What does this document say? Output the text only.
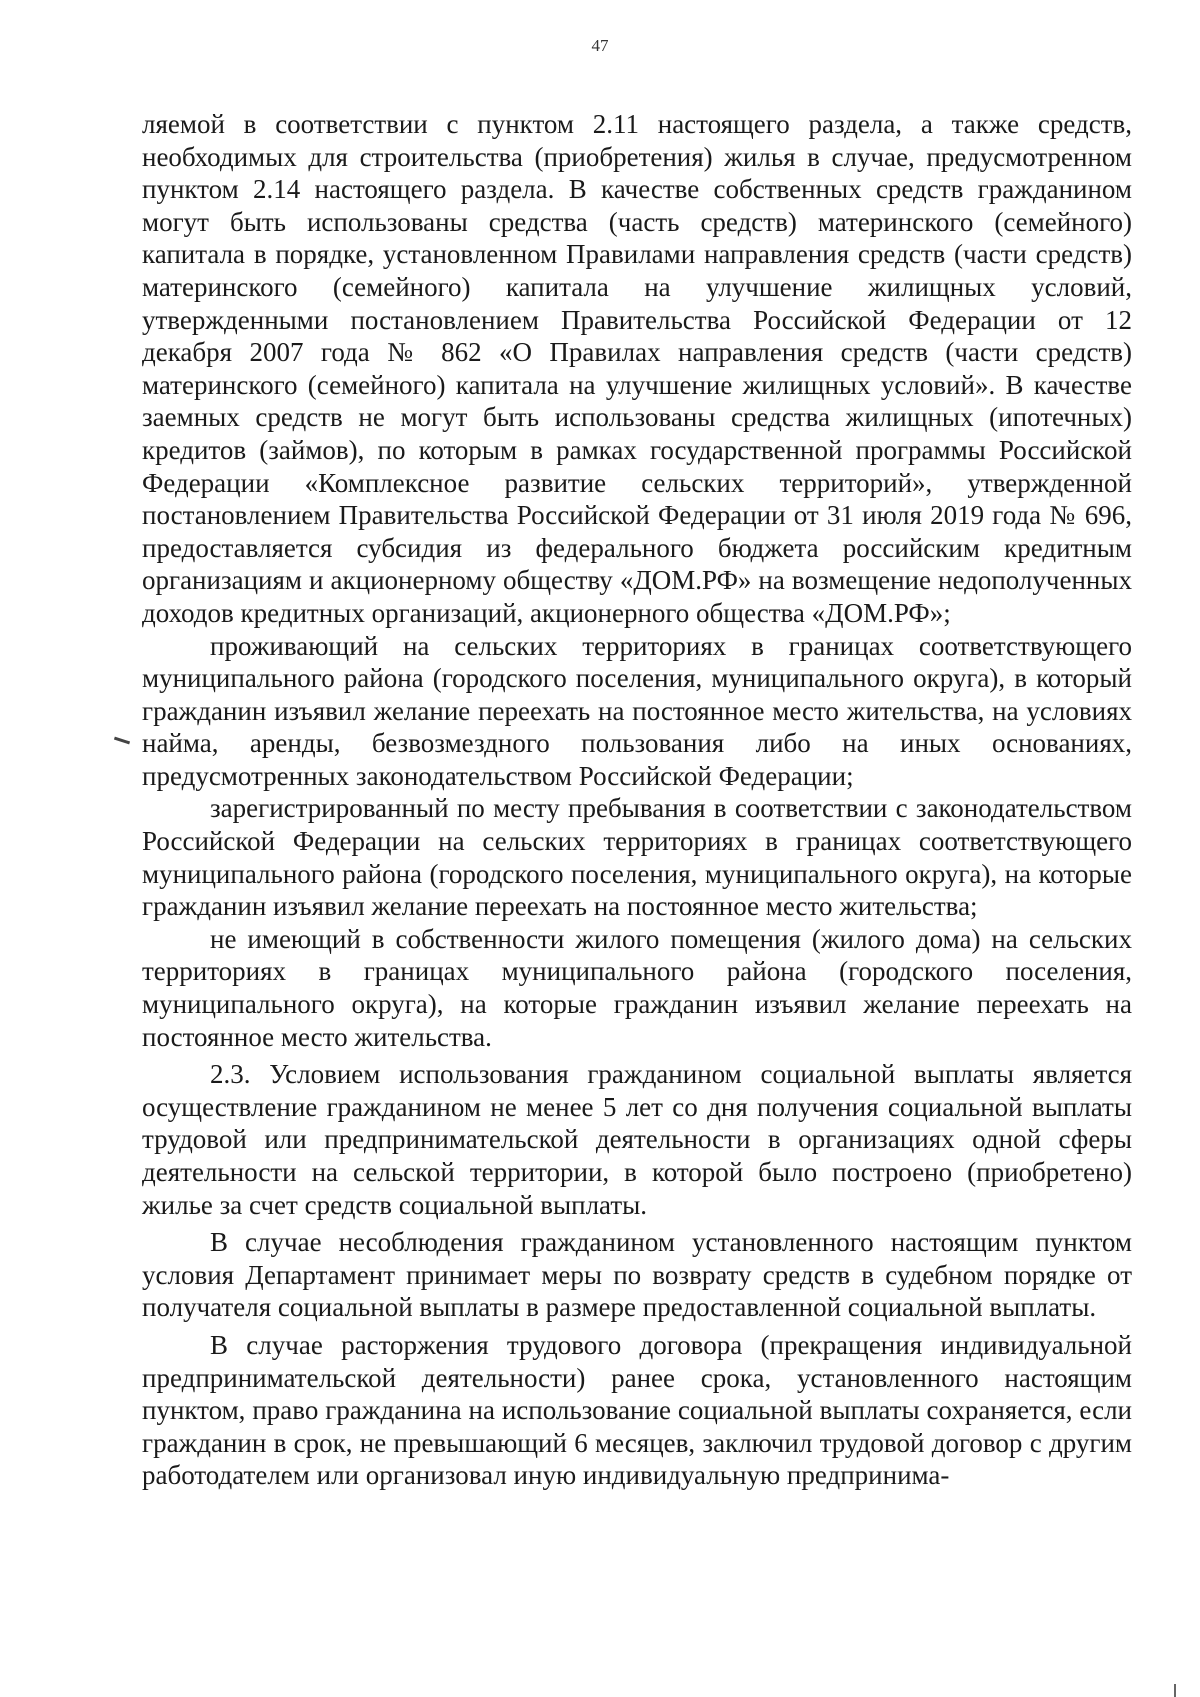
47

ляемой в соответствии с пунктом 2.11 настоящего раздела, а также средств, необходимых для строительства (приобретения) жилья в случае, предусмотренном пунктом 2.14 настоящего раздела. В качестве собственных средств гражданином могут быть использованы средства (часть средств) материнского (семейного) капитала в порядке, установленном Правилами направления средств (части средств) материнского (семейного) капитала на улучшение жилищных условий, утвержденными постановлением Правительства Российской Федерации от 12 декабря 2007 года № 862 «О Правилах направления средств (части средств) материнского (семейного) капитала на улучшение жилищных условий». В качестве заемных средств не могут быть использованы средства жилищных (ипотечных) кредитов (займов), по которым в рамках государственной программы Российской Федерации «Комплексное развитие сельских территорий», утвержденной постановлением Правительства Российской Федерации от 31 июля 2019 года № 696, предоставляется субсидия из федерального бюджета российским кредитным организациям и акционерному обществу «ДОМ.РФ» на возмещение недополученных доходов кредитных организаций, акционерного общества «ДОМ.РФ»;

проживающий на сельских территориях в границах соответствующего муниципального района (городского поселения, муниципального округа), в который гражданин изъявил желание переехать на постоянное место жительства, на условиях найма, аренды, безвозмездного пользования либо на иных основаниях, предусмотренных законодательством Российской Федерации;

зарегистрированный по месту пребывания в соответствии с законодательством Российской Федерации на сельских территориях в границах соответствующего муниципального района (городского поселения, муниципального округа), на которые гражданин изъявил желание переехать на постоянное место жительства;

не имеющий в собственности жилого помещения (жилого дома) на сельских территориях в границах муниципального района (городского поселения, муниципального округа), на которые гражданин изъявил желание переехать на постоянное место жительства.

2.3. Условием использования гражданином социальной выплаты является осуществление гражданином не менее 5 лет со дня получения социальной выплаты трудовой или предпринимательской деятельности в организациях одной сферы деятельности на сельской территории, в которой было построено (приобретено) жилье за счет средств социальной выплаты.

В случае несоблюдения гражданином установленного настоящим пунктом условия Департамент принимает меры по возврату средств в судебном порядке от получателя социальной выплаты в размере предоставленной социальной выплаты.

В случае расторжения трудового договора (прекращения индивидуальной предпринимательской деятельности) ранее срока, установленного настоящим пунктом, право гражданина на использование социальной выплаты сохраняется, если гражданин в срок, не превышающий 6 месяцев, заключил трудовой договор с другим работодателем или организовал иную индивидуальную предпринима-
